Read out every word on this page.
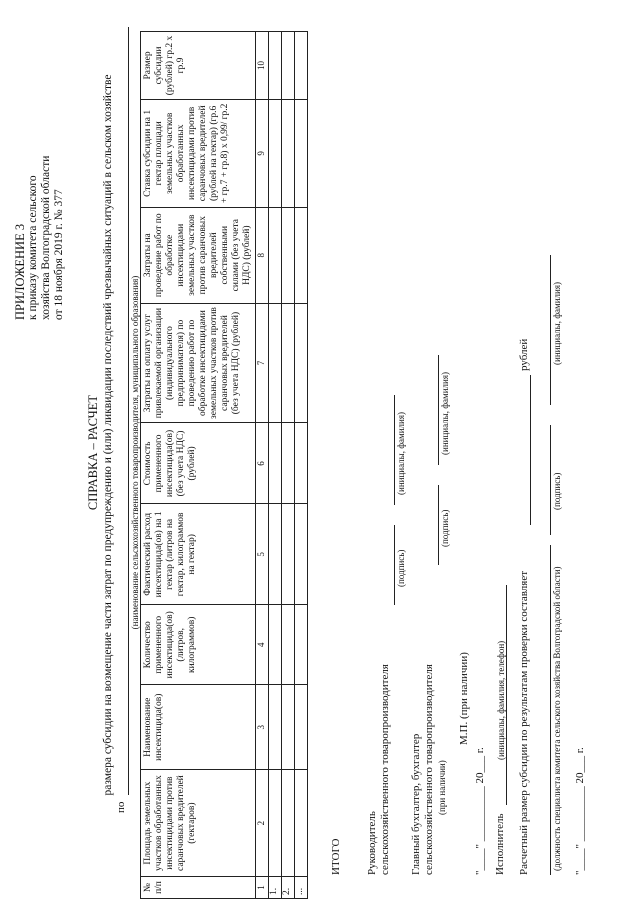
ПРИЛОЖЕНИЕ 3 к приказу комитета сельского хозяйства Волгоградской области от 18 ноября 2019 г. № 377
СПРАВКА – РАСЧЕТ размера субсидии на возмещение части затрат по предупреждению и (или) ликвидации последствий чрезвычайных ситуаций в сельском хозяйстве
по
(наименование сельскохозяйственного товаропроизводителя, муниципального образования)
№ п/п	Площадь земельных участков обработанных инсектицидами против саранчовых вредителей (гектаров)	Наименование инсектицида(ов)	Количество примененного инсектицида(ов) (литров, килограммов)	Фактический расход инсектицида(ов) на 1 гектар (литров на гектар, килограммов на гектар)	Стоимость примененного инсектицида(ов) (без учета НДС) (рублей)	Затраты на оплату услуг привлекаемой организации (индивидуального предпринимателя) по проведению работ по обработке инсектицидами земельных участков против саранчовых вредителей (без учета НДС) (рублей)	Затраты на проведение работ по обработке инсектицидами земельных участков против саранчовых вредителей собственными силами (без учета НДС) (рублей)	Ставка субсидии на 1 гектар площади земельных участков обработанных инсектицидами против саранчовых вредителей (рублей на гектар) (гр.6 + гр.7 + гр.8) х 0,99/ гр.2	Размер субсидии (рублей) гр.2 х гр.9
1	2	3	4	5	6	7	8	9	10
1.									
2.									
...									
ИТОГО Руководитель сельскохозяйственного товаропроизводителя
(подпись)
(инициалы, фамилия)
Главный бухгалтер, бухгалтер сельскохозяйственного товаропроизводителя (при наличии)
(подпись)
(инициалы, фамилия)
М.П. (при наличии)
"____" __________ 20___ г. Исполнитель
(инициалы, фамилия, телефон) Расчетный размер субсидии по результатам проверки составляет
рублей
(должность специалиста комитета сельского хозяйства Волгоградской области)
(подпись)
(инициалы, фамилия)
"____" __________ 20___ г.
